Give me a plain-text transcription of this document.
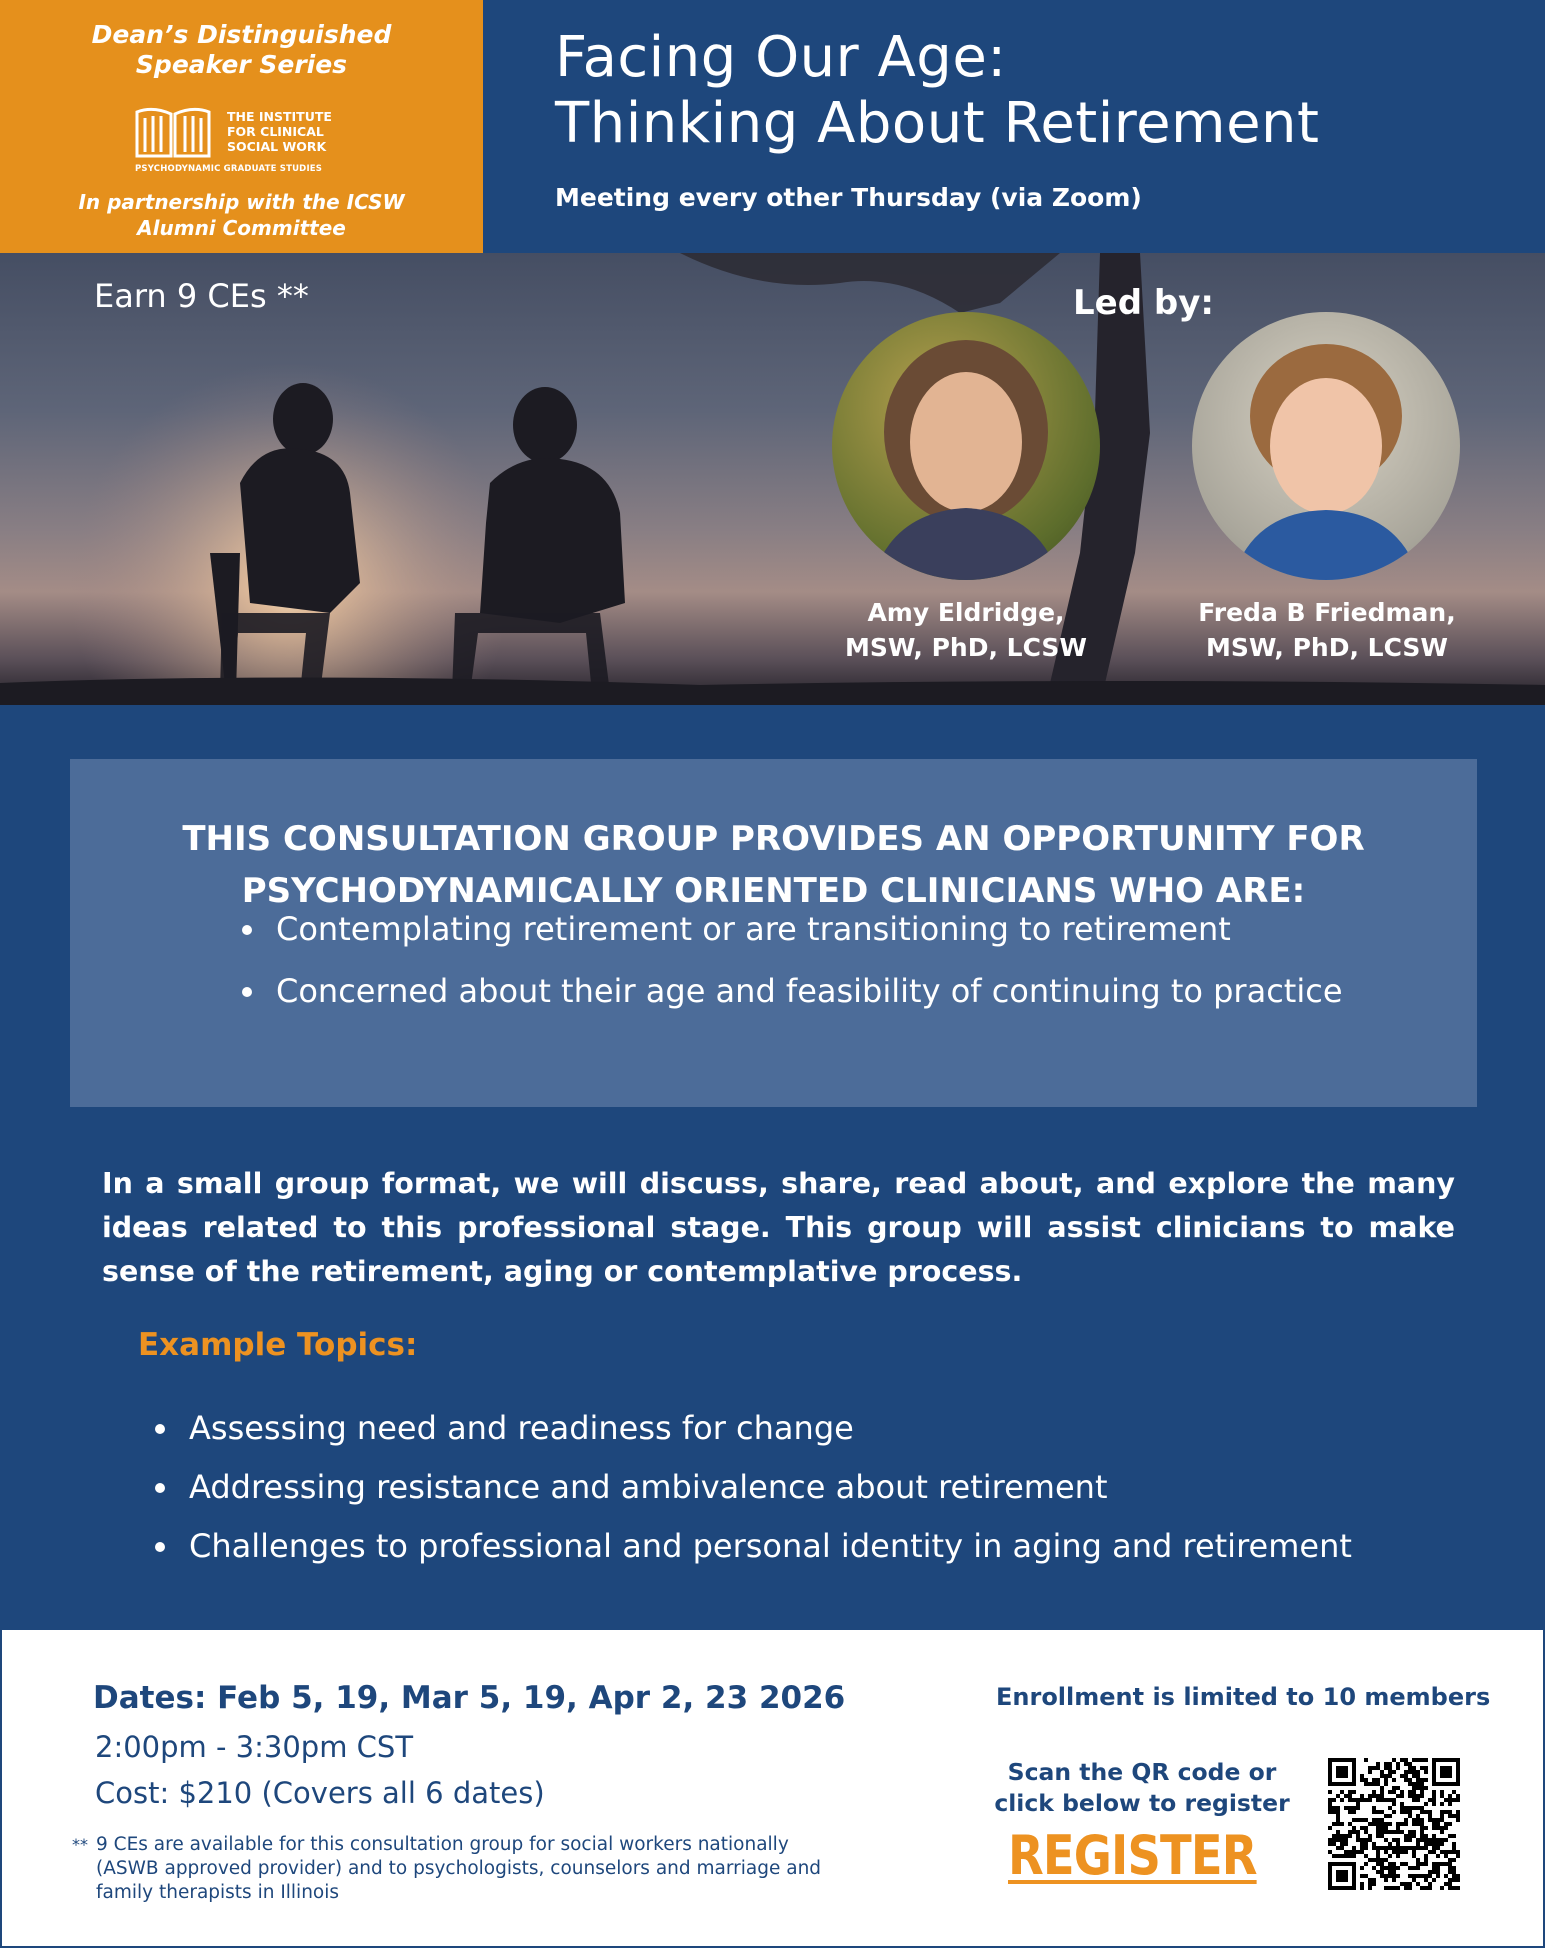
Dean’s Distinguished
Speaker Series
THE INSTITUTE
FOR CLINICAL
SOCIAL WORK
PSYCHODYNAMIC GRADUATE STUDIES
In partnership with the ICSW
Alumni Committee
Facing Our Age:
Thinking About Retirement
Meeting every other Thursday (via Zoom)
Earn 9 CEs **	Led by:
Amy Eldridge,
MSW, PhD, LCSW
Freda B Friedman,
MSW, PhD, LCSW
THIS CONSULTATION GROUP PROVIDES AN OPPORTUNITY FOR
PSYCHODYNAMICALLY ORIENTED CLINICIANS WHO ARE:
Contemplating retirement or are transitioning to retirement
Concerned about their age and feasibility of continuing to practice

In a small group format, we will discuss, share, read about, and explore the many ideas related to this professional stage. This group will assist clinicians to make sense of the retirement, aging or contemplative process.

Example Topics:
Assessing need and readiness for change
Addressing resistance and ambivalence about retirement
Challenges to professional and personal identity in aging and retirement
Dates: Feb 5, 19, Mar 5, 19, Apr 2, 23 2026
2:00pm - 3:30pm CST
Cost: $210 (Covers all 6 dates)
** 9 CEs are available for this consultation group for social workers nationally (ASWB approved provider) and to psychologists, counselors and marriage and family therapists in Illinois
Enrollment is limited to 10 members
Scan the QR code or
click below to register
REGISTER
